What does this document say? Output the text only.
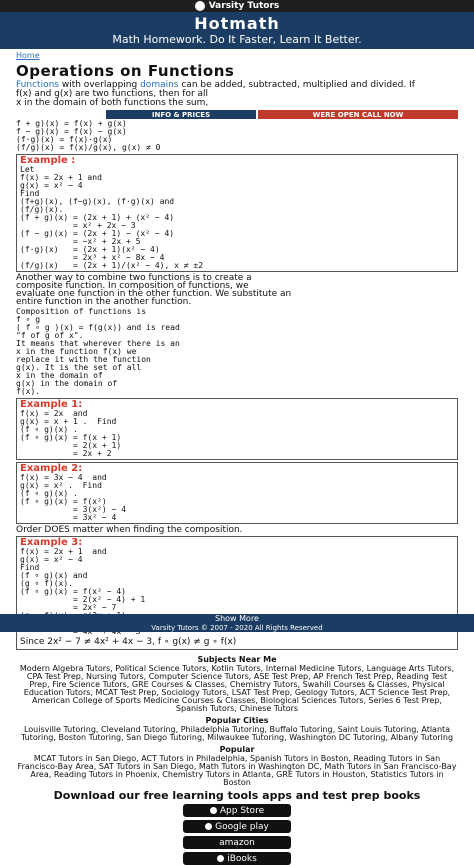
Varsity Tutors
Hotmath
Math Homework. Do It Faster, Learn It Better.
Home
Operations on Functions
Functions with overlapping domains can be added, subtracted, multiplied and divided. If
f(x) and g(x) are two functions, then for all
x in the domain of both functions the sum,
INFO & PRICES	WERE OPEN CALL NOW
f + g)(x) = f(x) + g(x)
f − g)(x) = f(x) − g(x)
(f·g)(x) = f(x)·g(x)
(f/g)(x) = f(x)/g(x), g(x) ≠ 0
Example :
Let
f(x) = 2x + 1 and
g(x) = x² − 4
Find
(f+g)(x), (f−g)(x), (f·g)(x) and
(f/g)(x).
(f + g)(x) = (2x + 1) + (x² − 4)
= x² + 2x − 3
(f − g)(x) = (2x + 1) − (x² − 4)
= −x² + 2x + 5
(f·g)(x)   = (2x + 1)(x² − 4)
= 2x³ + x² − 8x − 4
(f/g)(x)   = (2x + 1)/(x² − 4), x ≠ ±2
Another way to combine two functions is to create a
composite function. In composition of functions, we
evaluate one function in the other function. We substitute an
entire function in the another function.
Composition of functions is
f ∘ g
( f ∘ g )(x) = f(g(x)) and is read
"f of g of x".
It means that wherever there is an
x in the function f(x) we
replace it with the function
g(x). It is the set of all
x in the domain of
g(x) in the domain of
f(x).
Example 1:
f(x) = 2x  and
g(x) = x + 1 .  Find
(f ∘ g)(x) .
(f ∘ g)(x) = f(x + 1)
= 2(x + 1)
= 2x + 2
Example 2:
f(x) = 3x − 4  and
g(x) = x² .  Find
(f ∘ g)(x) .
(f ∘ g)(x) = f(x²)
= 3(x²) − 4
= 3x² − 4
Order DOES matter when finding the composition.
Example 3:
f(x) = 2x + 1  and
g(x) = x² − 4
Find
(f ∘ g)(x) and
(g ∘ f)(x).
(f ∘ g)(x) = f(x² − 4)
= 2(x² − 4) + 1
= 2x² − 7

Since 2x² − 7 ≠ 4x² + 4x − 3, f ∘ g(x) ≠ g ∘ f(x)
Subjects Near Me
Modern Algebra Tutors, Political Science Tutors, Kotlin Tutors, Internal Medicine Tutors, Language Arts Tutors, CPA Test Prep, Nursing Tutors, Computer Science Tutors, ASE Test Prep, AP French Test Prep, Reading Test Prep, Fire Science Tutors, GRE Courses & Classes, Chemistry Tutors, Swahili Courses & Classes, Physical Education Tutors, MCAT Test Prep, Sociology Tutors, LSAT Test Prep, Geology Tutors, ACT Science Test Prep, American College of Sports Medicine Courses & Classes, Biological Sciences Tutors, Series 6 Test Prep, Spanish Tutors, Chinese Tutors
Popular Cities
Louisville Tutoring, Cleveland Tutoring, Philadelphia Tutoring, Buffalo Tutoring, Saint Louis Tutoring, Atlanta Tutoring, Boston Tutoring, San Diego Tutoring, Milwaukee Tutoring, Washington DC Tutoring, Albany Tutoring
Popular
MCAT Tutors in San Diego, ACT Tutors in Philadelphia, Spanish Tutors in Boston, Reading Tutors in San Francisco-Bay Area, SAT Tutors in San Diego, Math Tutors in Washington DC, Math Tutors in San Francisco-Bay Area, Reading Tutors in Phoenix, Chemistry Tutors in Atlanta, GRE Tutors in Houston, Statistics Tutors in Boston
Download our free learning tools apps and test prep books
App Store
Google play
amazon
iBooks
Show More
Varsity Tutors © 2007 - 2020 All Rights Reserved
